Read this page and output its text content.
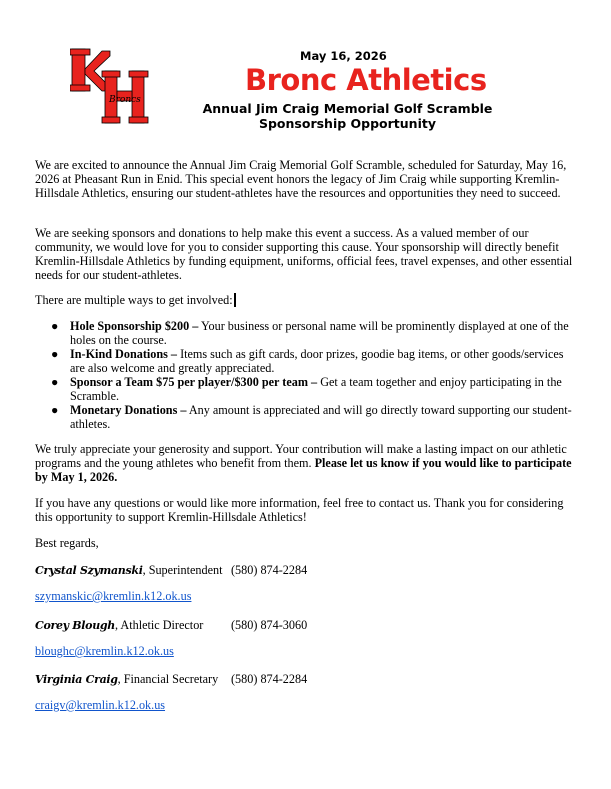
Broncs
May 16, 2026
Bronc Athletics
Annual Jim Craig Memorial Golf Scramble
Sponsorship Opportunity

We are excited to announce the Annual Jim Craig Memorial Golf Scramble, scheduled for Saturday, May 16, 2026 at Pheasant Run in Enid. This special event honors the legacy of Jim Craig while supporting Kremlin-Hillsdale Athletics, ensuring our student-athletes have the resources and opportunities they need to succeed.

We are seeking sponsors and donations to help make this event a success. As a valued member of our community, we would love for you to consider supporting this cause. Your sponsorship will directly benefit Kremlin-Hillsdale Athletics by funding equipment, uniforms, official fees, travel expenses, and other essential needs for our student-athletes.

There are multiple ways to get involved:

● Hole Sponsorship $200 – Your business or personal name will be prominently displayed at one of the holes on the course.
● In-Kind Donations – Items such as gift cards, door prizes, goodie bag items, or other goods/services are also welcome and greatly appreciated.
● Sponsor a Team $75 per player/$300 per team – Get a team together and enjoy participating in the Scramble.
● Monetary Donations – Any amount is appreciated and will go directly toward supporting our student-athletes.

We truly appreciate your generosity and support. Your contribution will make a lasting impact on our athletic programs and the young athletes who benefit from them. Please let us know if you would like to participate by May 1, 2026.

If you have any questions or would like more information, feel free to contact us. Thank you for considering this opportunity to support Kremlin-Hillsdale Athletics!

Best regards,

Crystal Szymanski, Superintendent (580) 874-2284
szymanskic@kremlin.k12.ok.us
Corey Blough, Athletic Director (580) 874-3060
bloughc@kremlin.k12.ok.us
Virginia Craig, Financial Secretary (580) 874-2284
craigv@kremlin.k12.ok.us
